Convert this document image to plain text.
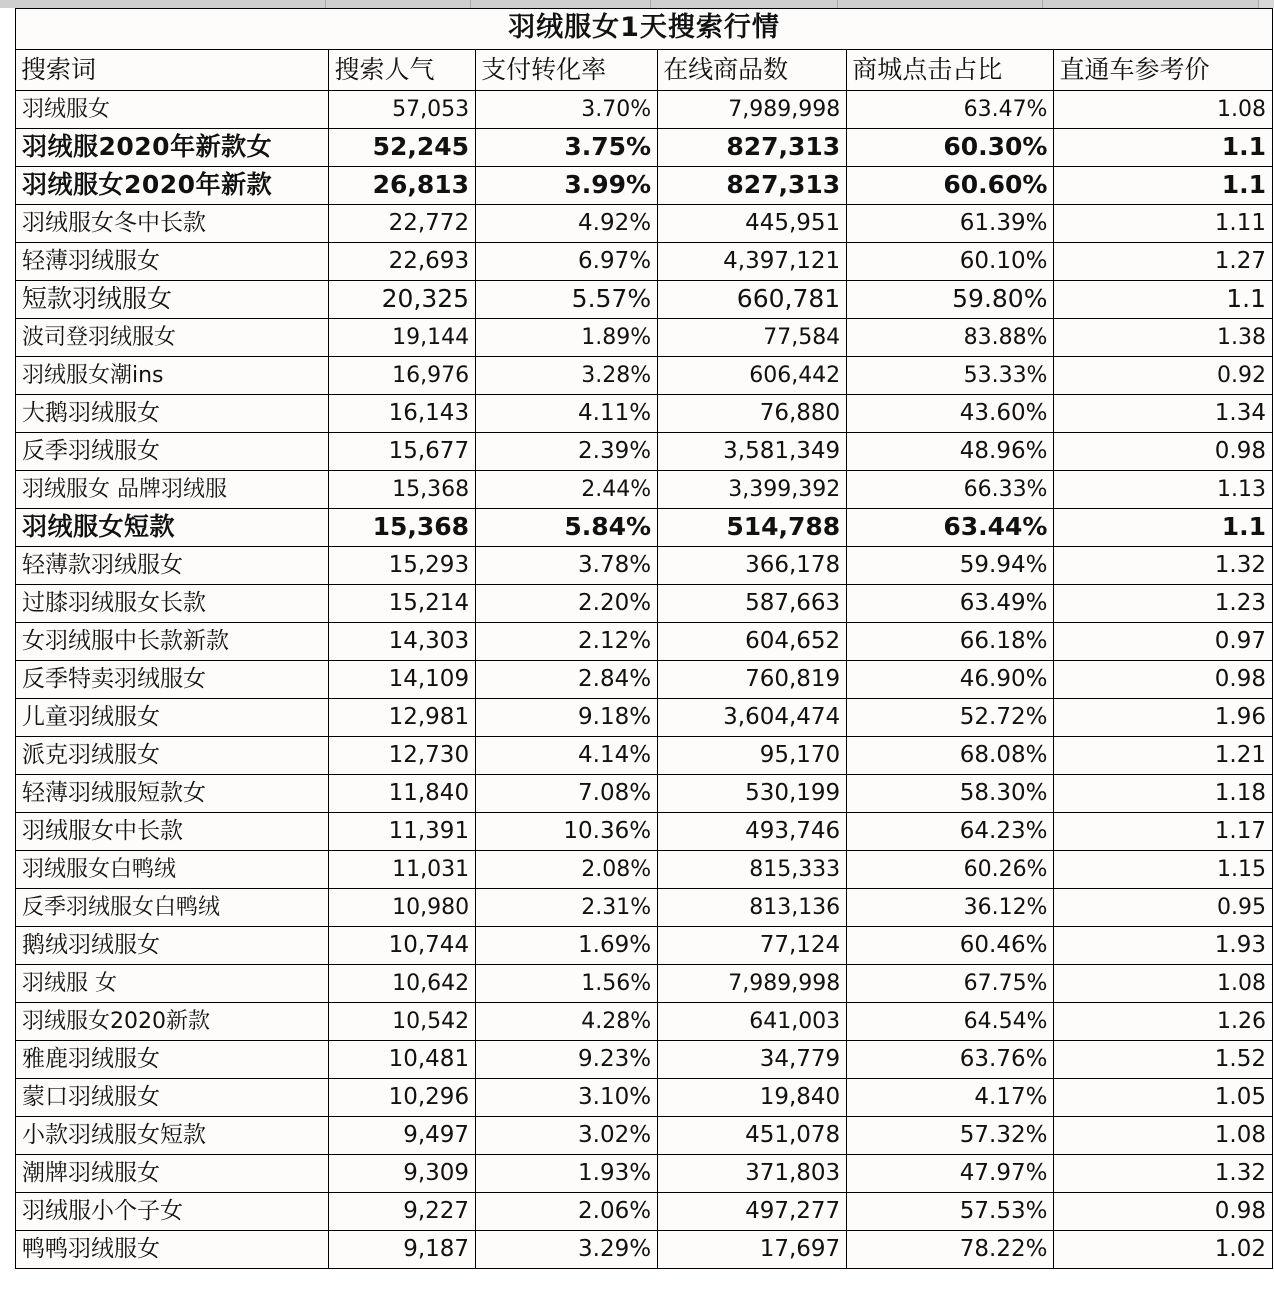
羽绒服女1天搜索行情					
搜索词	搜索人气	支付转化率	在线商品数	商城点击占比	直通车参考价
羽绒服女	57,053	3.70%	7,989,998	63.47%	1.08
羽绒服2020年新款女	52,245	3.75%	827,313	60.30%	1.1
羽绒服女2020年新款	26,813	3.99%	827,313	60.60%	1.1
羽绒服女冬中长款	22,772	4.92%	445,951	61.39%	1.11
轻薄羽绒服女	22,693	6.97%	4,397,121	60.10%	1.27
短款羽绒服女	20,325	5.57%	660,781	59.80%	1.1
波司登羽绒服女	19,144	1.89%	77,584	83.88%	1.38
羽绒服女潮ins	16,976	3.28%	606,442	53.33%	0.92
大鹅羽绒服女	16,143	4.11%	76,880	43.60%	1.34
反季羽绒服女	15,677	2.39%	3,581,349	48.96%	0.98
羽绒服女 品牌羽绒服	15,368	2.44%	3,399,392	66.33%	1.13
羽绒服女短款	15,368	5.84%	514,788	63.44%	1.1
轻薄款羽绒服女	15,293	3.78%	366,178	59.94%	1.32
过膝羽绒服女长款	15,214	2.20%	587,663	63.49%	1.23
女羽绒服中长款新款	14,303	2.12%	604,652	66.18%	0.97
反季特卖羽绒服女	14,109	2.84%	760,819	46.90%	0.98
儿童羽绒服女	12,981	9.18%	3,604,474	52.72%	1.96
派克羽绒服女	12,730	4.14%	95,170	68.08%	1.21
轻薄羽绒服短款女	11,840	7.08%	530,199	58.30%	1.18
羽绒服女中长款	11,391	10.36%	493,746	64.23%	1.17
羽绒服女白鸭绒	11,031	2.08%	815,333	60.26%	1.15
反季羽绒服女白鸭绒	10,980	2.31%	813,136	36.12%	0.95
鹅绒羽绒服女	10,744	1.69%	77,124	60.46%	1.93
羽绒服 女	10,642	1.56%	7,989,998	67.75%	1.08
羽绒服女2020新款	10,542	4.28%	641,003	64.54%	1.26
雅鹿羽绒服女	10,481	9.23%	34,779	63.76%	1.52
蒙口羽绒服女	10,296	3.10%	19,840	4.17%	1.05
小款羽绒服女短款	9,497	3.02%	451,078	57.32%	1.08
潮牌羽绒服女	9,309	1.93%	371,803	47.97%	1.32
羽绒服小个子女	9,227	2.06%	497,277	57.53%	0.98
鸭鸭羽绒服女	9,187	3.29%	17,697	78.22%	1.02
